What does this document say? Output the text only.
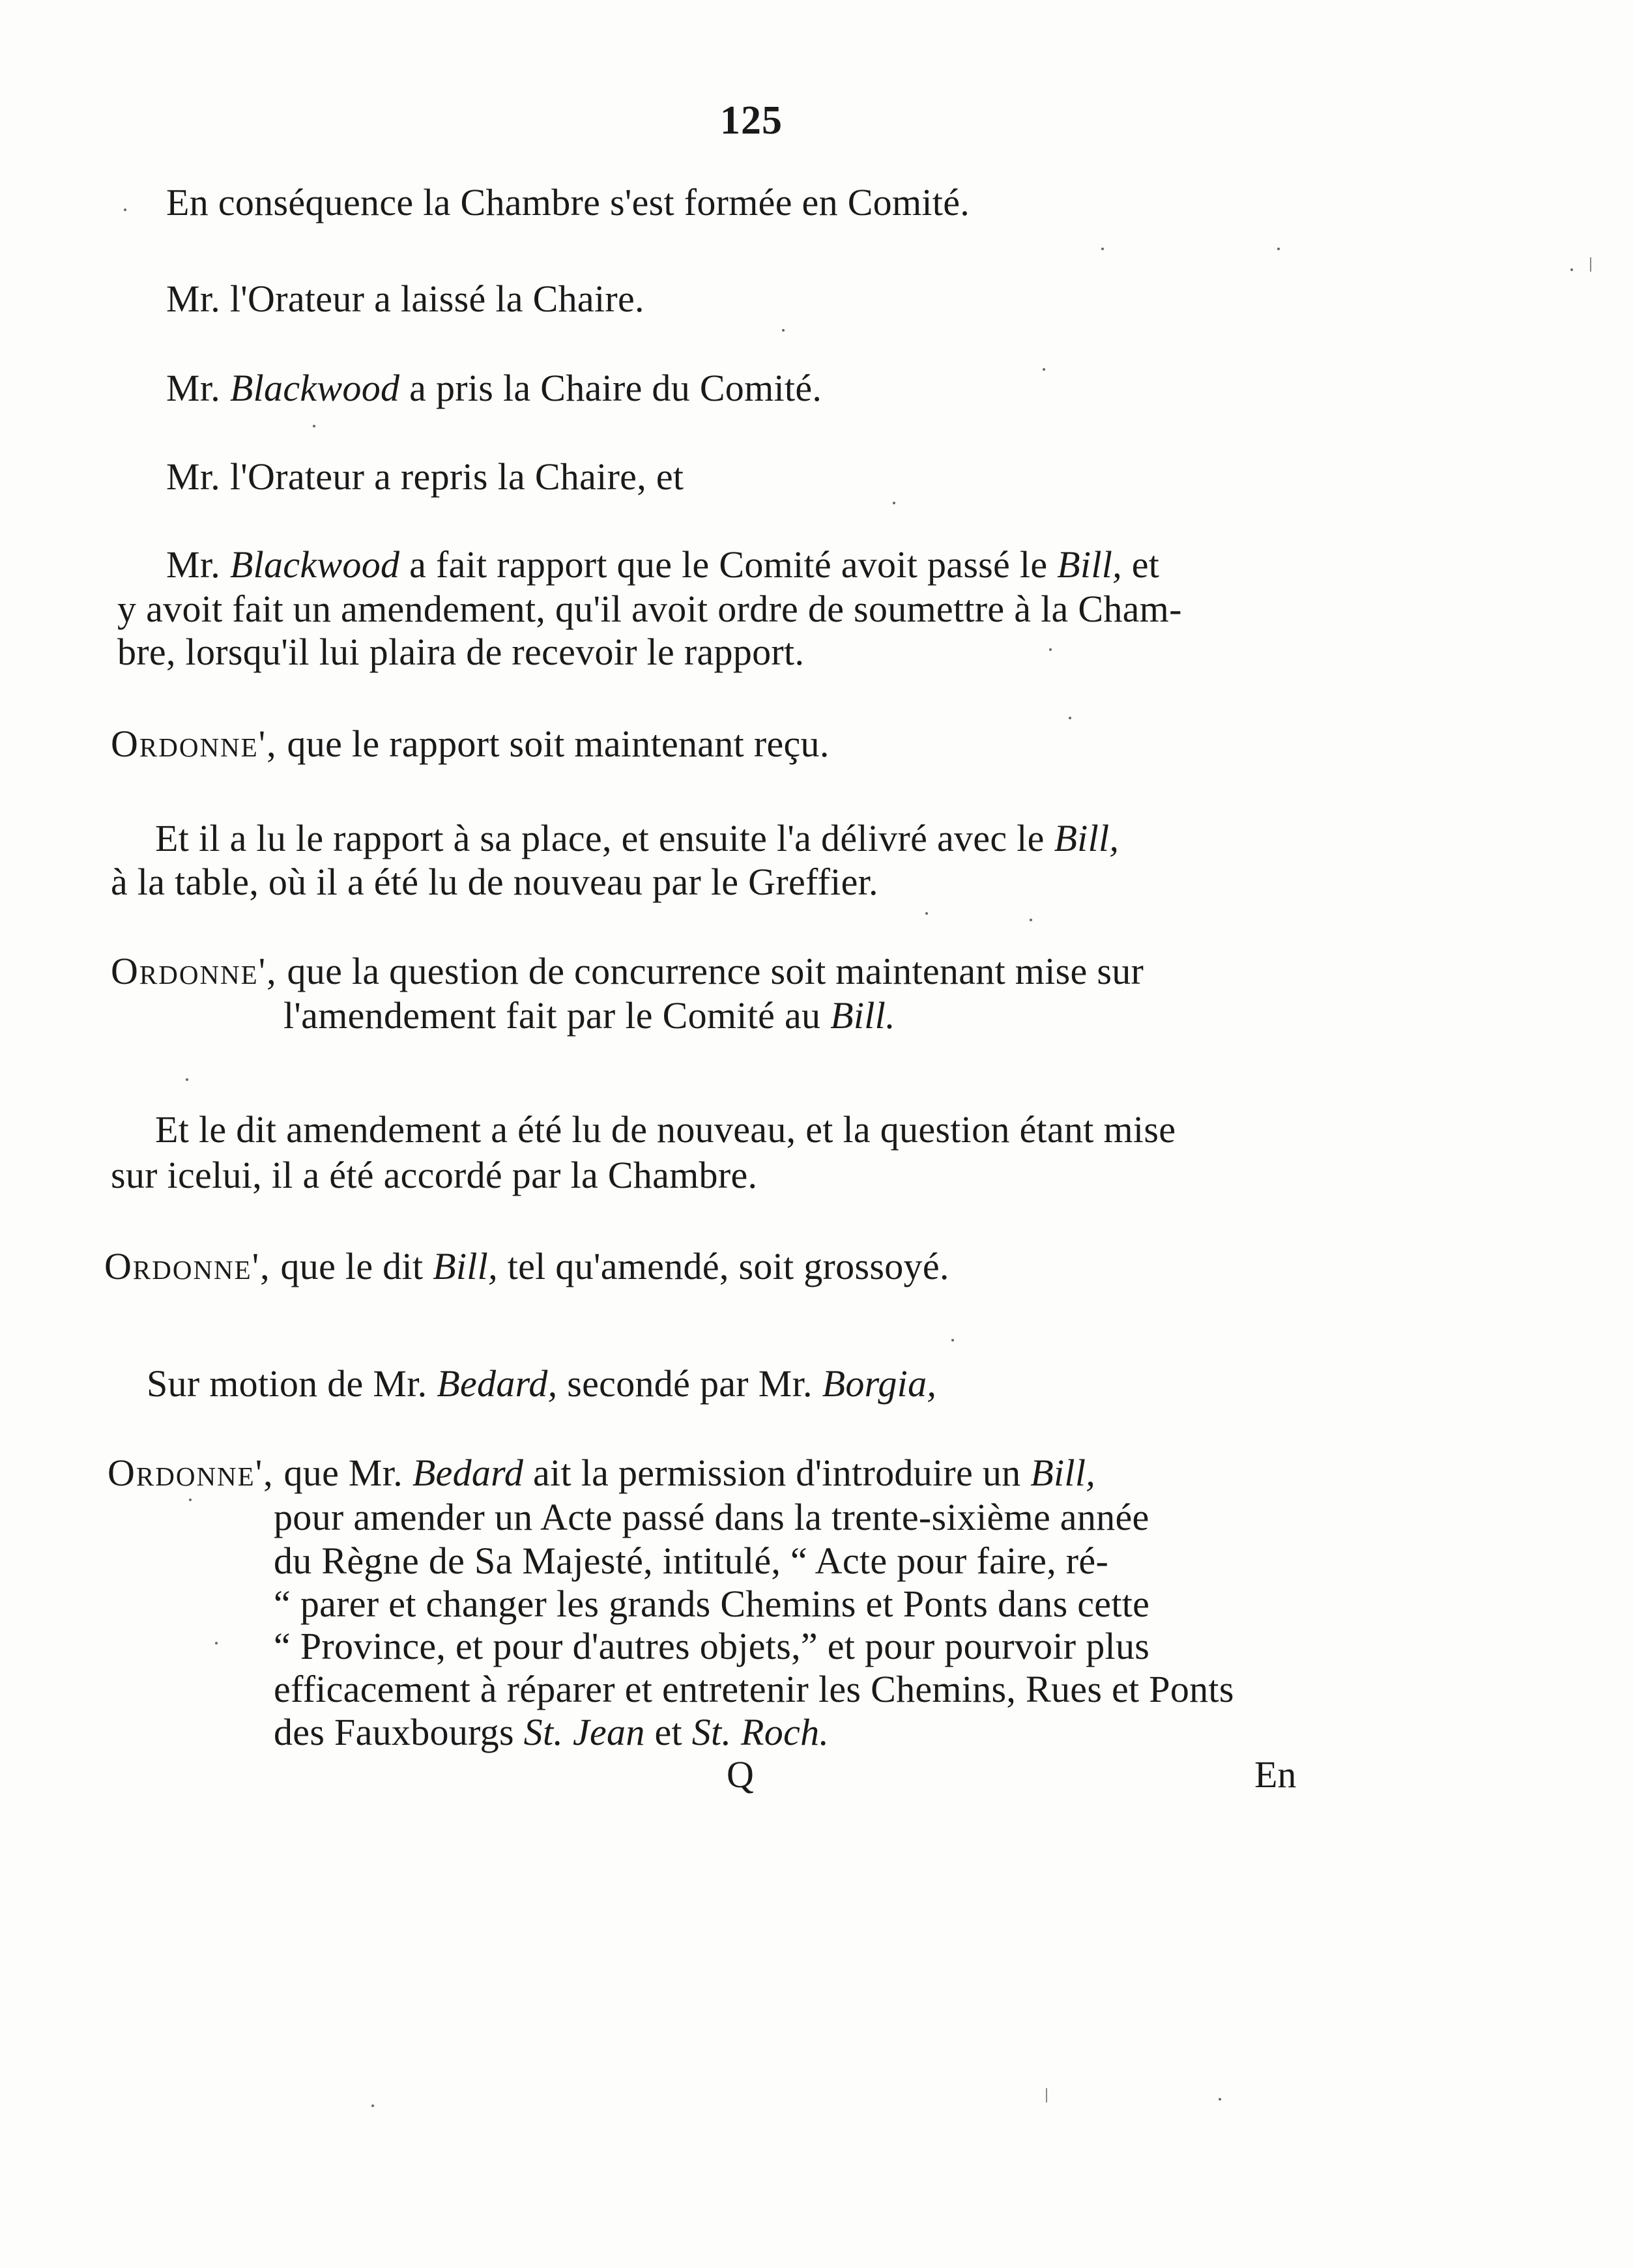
125
En conséquence la Chambre s'est formée en Comité.
Mr. l'Orateur a laissé la Chaire.
Mr. Blackwood a pris la Chaire du Comité.
Mr. l'Orateur a repris la Chaire, et
Mr. Blackwood a fait rapport que le Comité avoit passé le Bill, et
y avoit fait un amendement, qu'il avoit ordre de soumettre à la Cham-
bre, lorsqu'il lui plaira de recevoir le rapport.
Ordonne', que le rapport soit maintenant reçu.
Et il a lu le rapport à sa place, et ensuite l'a délivré avec le Bill,
à la table, où il a été lu de nouveau par le Greffier.
Ordonne', que la question de concurrence soit maintenant mise sur
l'amendement fait par le Comité au Bill.
Et le dit amendement a été lu de nouveau, et la question étant mise
sur icelui, il a été accordé par la Chambre.
Ordonne', que le dit Bill, tel qu'amendé, soit grossoyé.
Sur motion de Mr. Bedard, secondé par Mr. Borgia,
Ordonne', que Mr. Bedard ait la permission d'introduire un Bill,
pour amender un Acte passé dans la trente-sixième année
du Règne de Sa Majesté, intitulé, “ Acte pour faire, ré-
“ parer et changer les grands Chemins et Ponts dans cette
“ Province, et pour d'autres objets,” et pour pourvoir plus
efficacement à réparer et entretenir les Chemins, Rues et Ponts
des Fauxbourgs St. Jean et St. Roch.
Q	En
